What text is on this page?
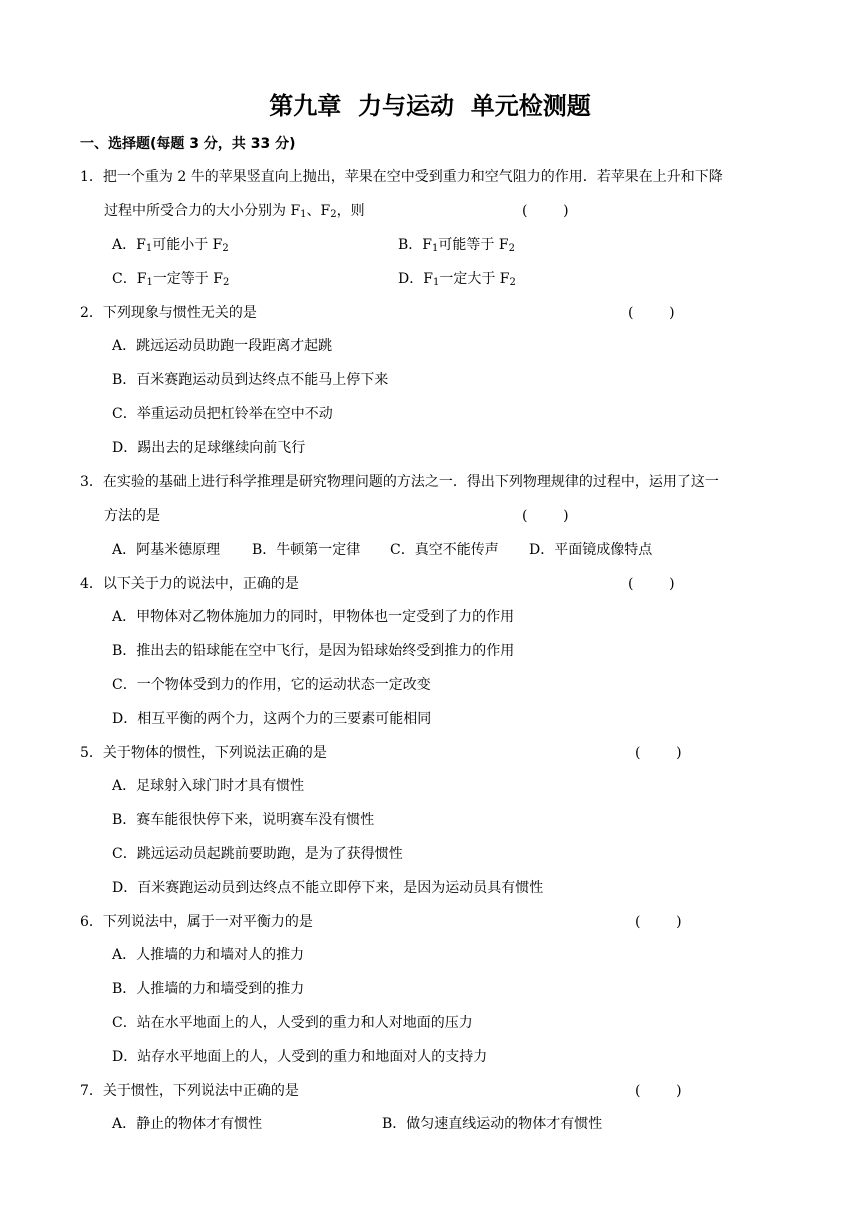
第九章  力与运动  单元检测题
一、选择题(每题 3 分，共 33 分)
1．把一个重为 2 牛的苹果竖直向上抛出，苹果在空中受到重力和空气阻力的作用．若苹果在上升和下降
过程中所受合力的大小分别为 $F_1$、$F_2$，则	(        )
A．$F_1$可能小于 $F_2$	B．$F_1$可能等于 $F_2$
C．$F_1$一定等于 $F_2$	D．$F_1$一定大于 $F_2$
2．下列现象与惯性无关的是	(        )
A．跳远运动员助跑一段距离才起跳
B．百米赛跑运动员到达终点不能马上停下来
C．举重运动员把杠铃举在空中不动
D．踢出去的足球继续向前飞行
3．在实验的基础上进行科学推理是研究物理问题的方法之一．得出下列物理规律的过程中，运用了这一
方法的是	(        )
A．阿基米德原理 B．牛顿第一定律 C．真空不能传声 D．平面镜成像特点
4．以下关于力的说法中，正确的是	(        )
A．甲物体对乙物体施加力的同时，甲物体也一定受到了力的作用
B．推出去的铅球能在空中飞行，是因为铅球始终受到推力的作用
C．一个物体受到力的作用，它的运动状态一定改变
D．相互平衡的两个力，这两个力的三要素可能相同
5．关于物体的惯性，下列说法正确的是	(        )
A．足球射入球门时才具有惯性
B．赛车能很快停下来，说明赛车没有惯性
C．跳远运动员起跳前要助跑，是为了获得惯性
D．百米赛跑运动员到达终点不能立即停下来，是因为运动员具有惯性
6．下列说法中，属于一对平衡力的是	(        )
A．人推墙的力和墙对人的推力
B．人推墙的力和墙受到的推力
C．站在水平地面上的人，人受到的重力和人对地面的压力
D．站存水平地面上的人，人受到的重力和地面对人的支持力
7．关于惯性，下列说法中正确的是	(        )
A．静止的物体才有惯性	B．做匀速直线运动的物体才有惯性
